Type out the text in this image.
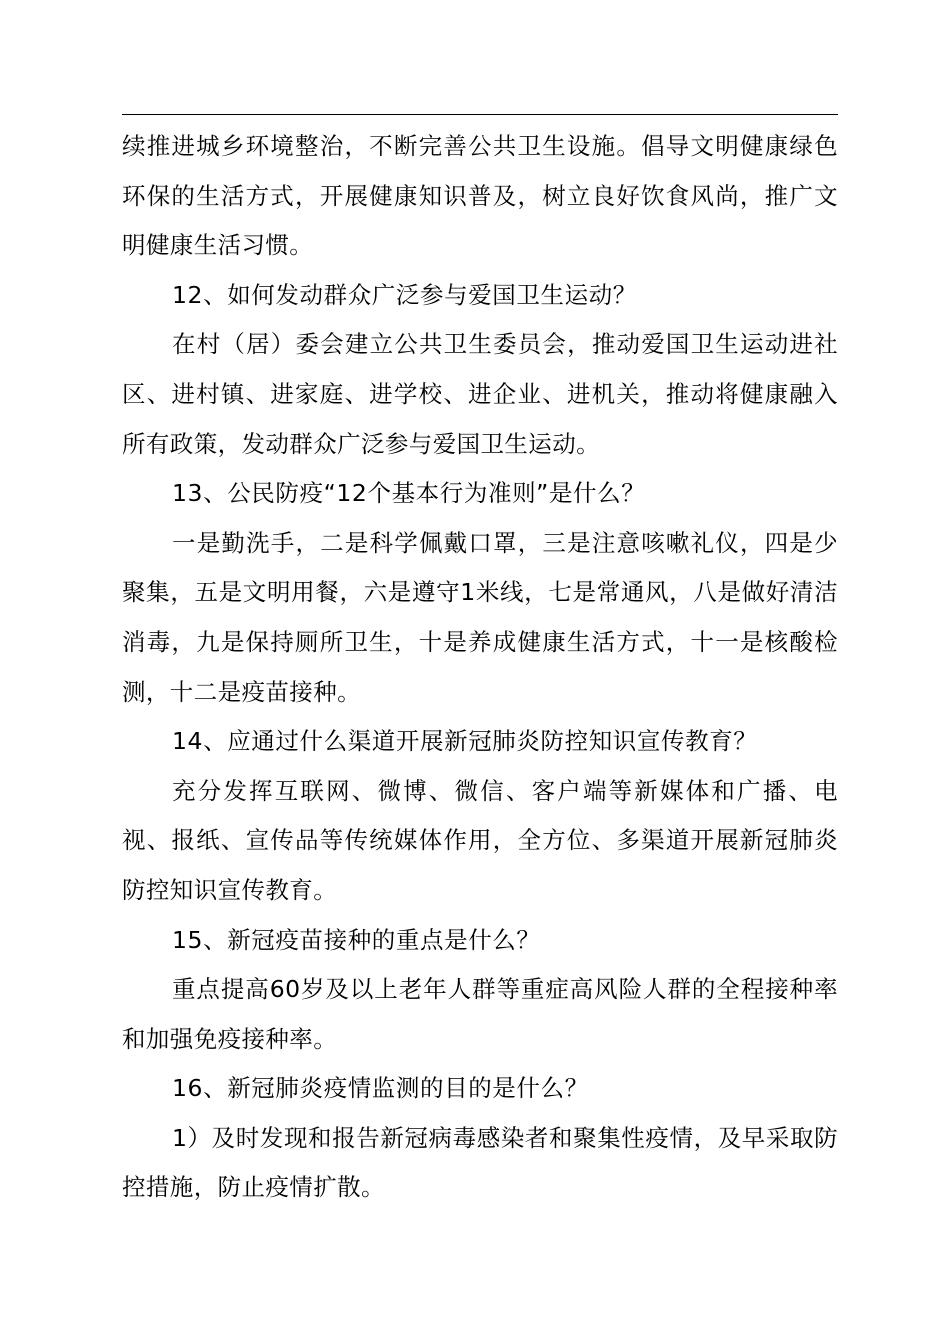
续推进城乡环境整治，不断完善公共卫生设施。倡导文明健康绿色环保的生活方式，开展健康知识普及，树立良好饮食风尚，推广文明健康生活习惯。

12、如何发动群众广泛参与爱国卫生运动？

在村（居）委会建立公共卫生委员会，推动爱国卫生运动进社区、进村镇、进家庭、进学校、进企业、进机关，推动将健康融入所有政策，发动群众广泛参与爱国卫生运动。

13、公民防疫“12个基本行为准则”是什么？

一是勤洗手，二是科学佩戴口罩，三是注意咳嗽礼仪，四是少聚集，五是文明用餐，六是遵守1米线，七是常通风，八是做好清洁消毒，九是保持厕所卫生，十是养成健康生活方式，十一是核酸检测，十二是疫苗接种。

14、应通过什么渠道开展新冠肺炎防控知识宣传教育？

充分发挥互联网、微博、微信、客户端等新媒体和广播、电视、报纸、宣传品等传统媒体作用，全方位、多渠道开展新冠肺炎防控知识宣传教育。

15、新冠疫苗接种的重点是什么？

重点提高60岁及以上老年人群等重症高风险人群的全程接种率和加强免疫接种率。

16、新冠肺炎疫情监测的目的是什么？

1）及时发现和报告新冠病毒感染者和聚集性疫情，及早采取防控措施，防止疫情扩散。
